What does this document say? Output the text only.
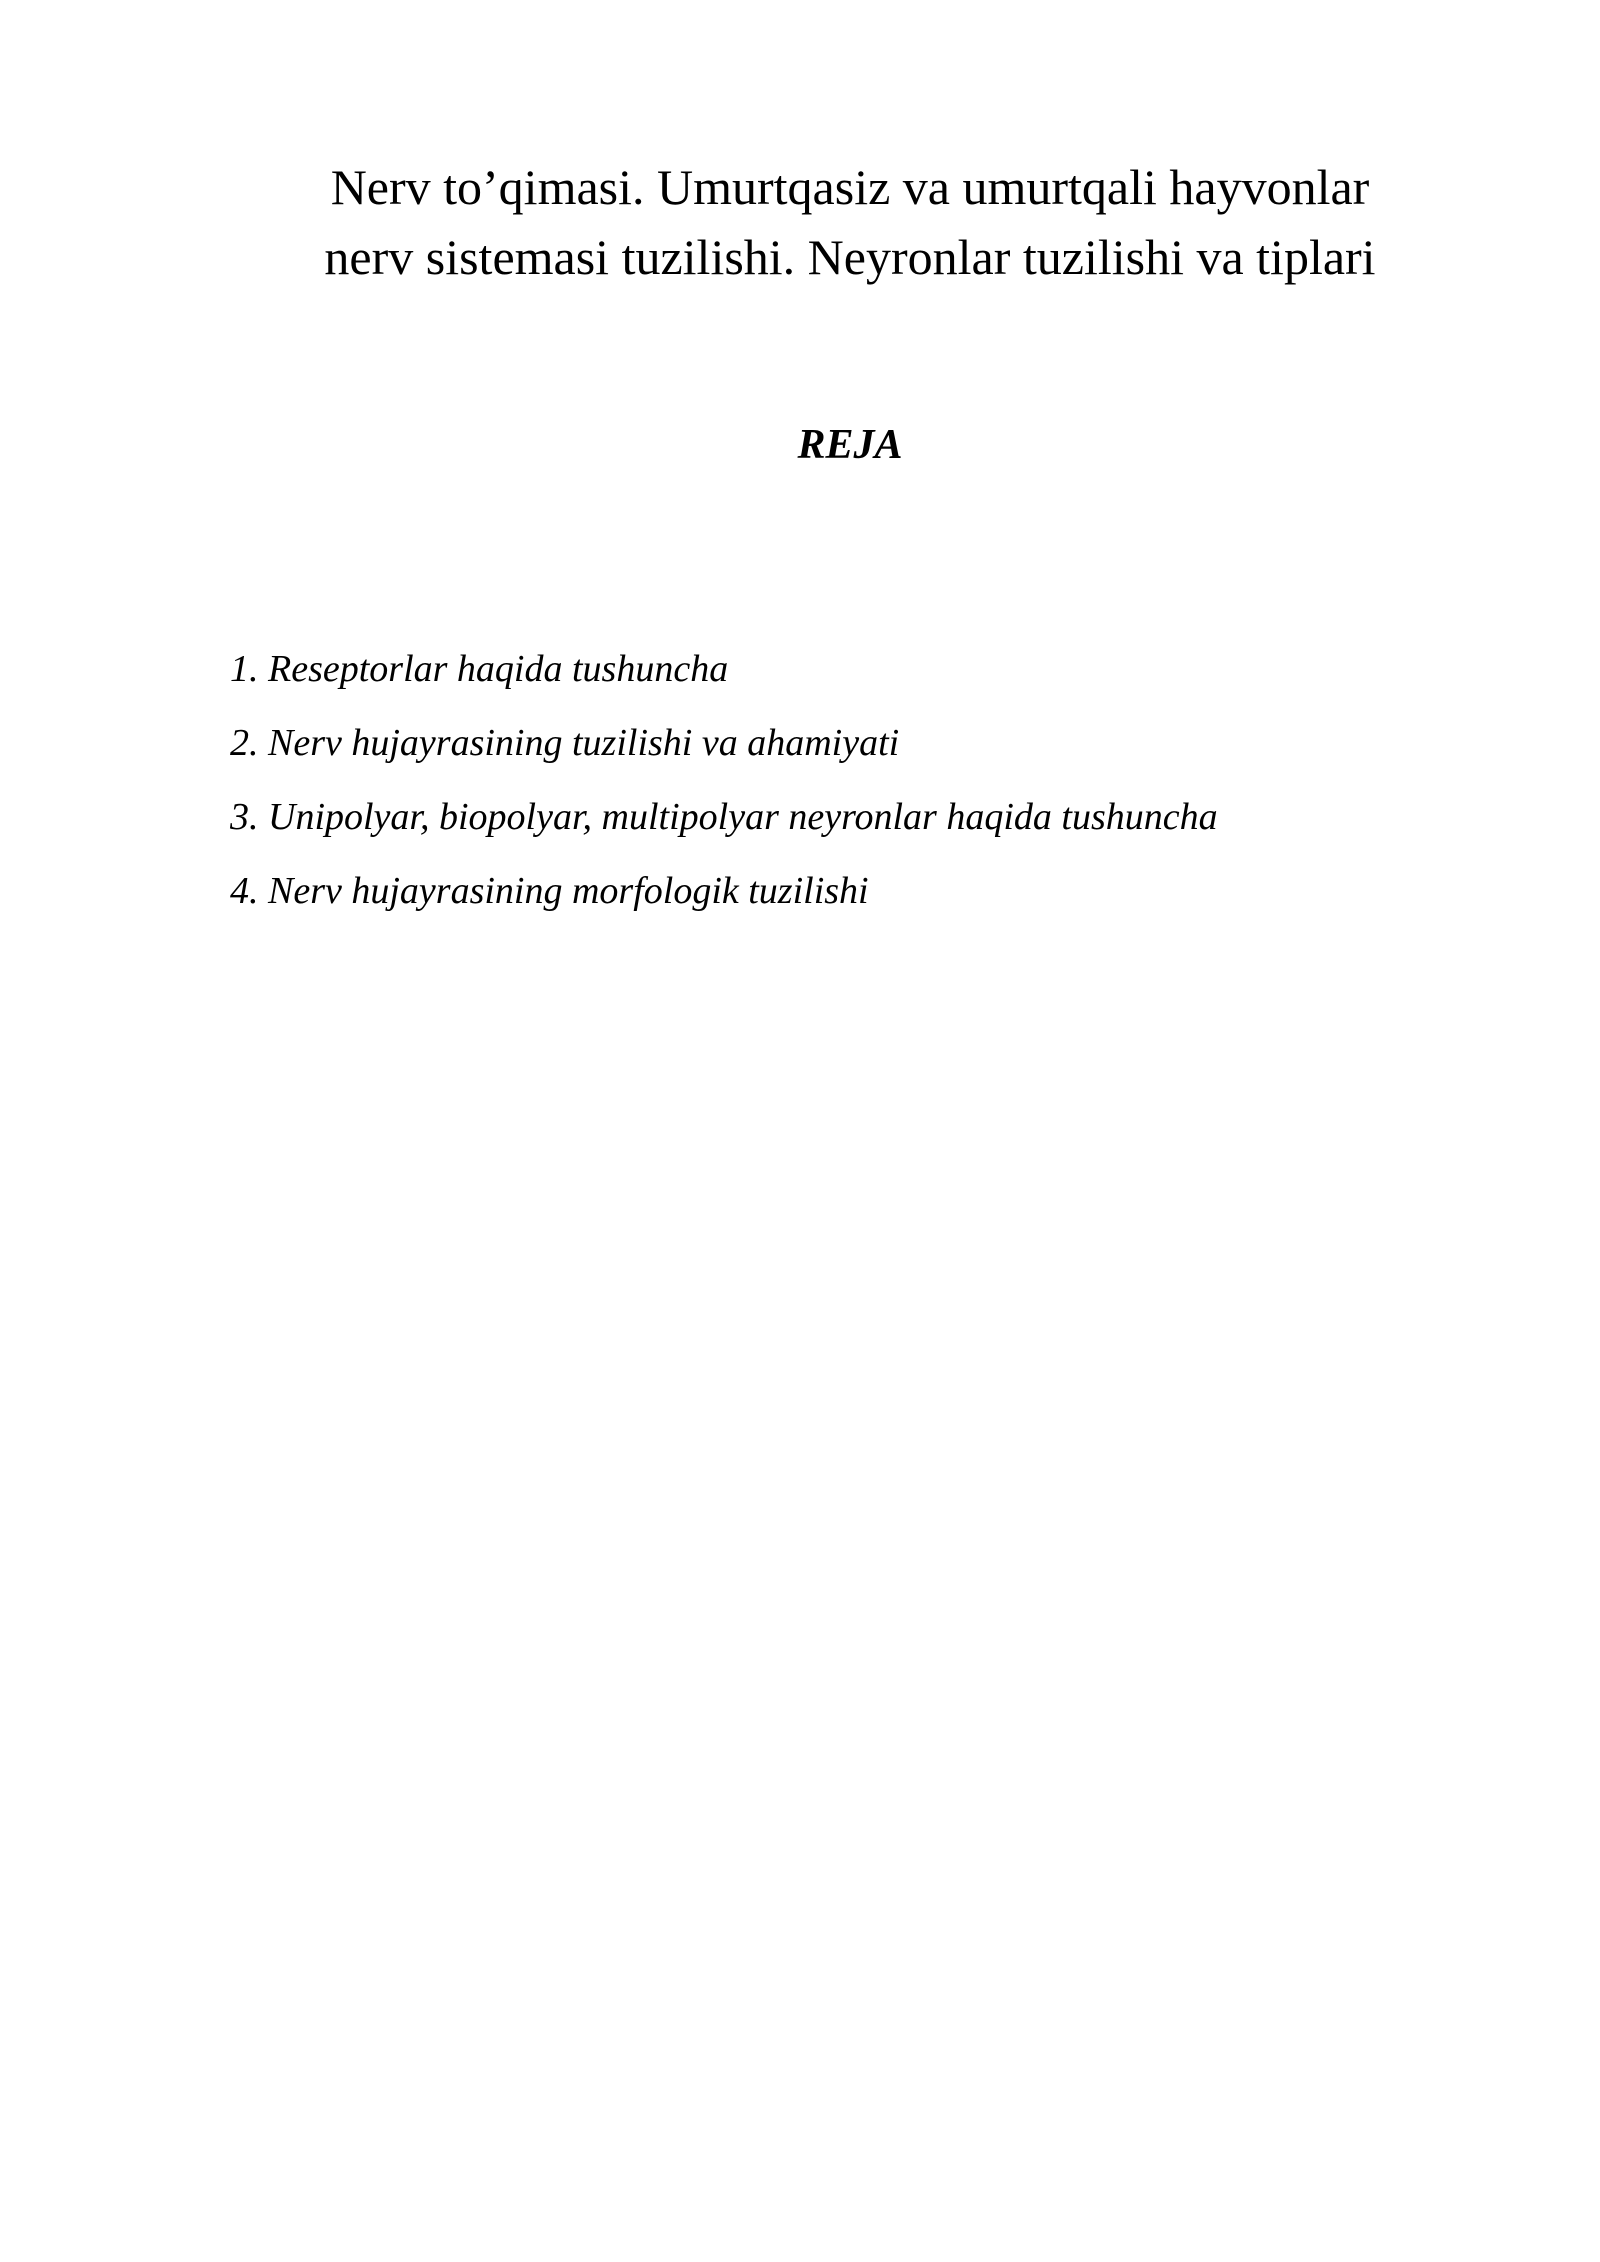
Nerv to’qimasi. Umurtqasiz va umurtqali hayvonlar
nerv sistemasi tuzilishi. Neyronlar tuzilishi va tiplari
REJA
1. Reseptorlar haqida tushuncha
2. Nerv hujayrasining tuzilishi va ahamiyati
3. Unipolyar, biopolyar, multipolyar neyronlar haqida tushuncha
4. Nerv hujayrasining morfologik tuzilishi
